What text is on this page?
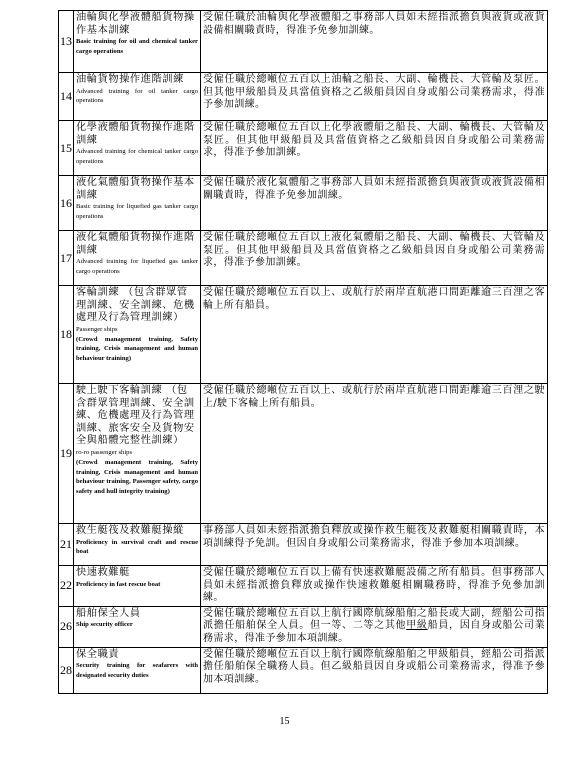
13	油輪與化學液體船貨物操作基本訓練
Basic training for oil and chemical tanker cargo operations	受僱任職於油輪與化學液體船之事務部人員如未經指派擔負與液貨或液貨設備相關職責時，得准予免參加訓練。
14	油輪貨物操作進階訓練
Advanced training for oil tanker cargo operations	受僱任職於總噸位五百以上油輪之船長、大副、輪機長、大管輪及泵匠。但其他甲級船員及具當值資格之乙級船員因自身或船公司業務需求，得准予參加訓練。
15	化學液體船貨物操作進階訓練
Advanced training for chemical tanker cargo operations	受僱任職於總噸位五百以上化學液體船之船長、大副、輪機長、大管輪及泵匠。但其他甲級船員及具當值資格之乙級船員因自身或船公司業務需求，得准予參加訓練。
16	液化氣體船貨物操作基本訓練
Basic training for liquefied gas tanker cargo operations	受僱任職於液化氣體船之事務部人員如未經指派擔負與液貨或液貨設備相關職責時，得准予免參加訓練。
17	液化氣體船貨物操作進階訓練
Advanced training for liquefied gas tanker cargo operations	受僱任職於總噸位五百以上液化氣體船之船長、大副、輪機長、大管輪及泵匠。但其他甲級船員及具當值資格之乙級船員因自身或船公司業務需求，得准予參加訓練。
18	客輪訓練 （包含群眾管理訓練、安全訓練、危機處理及行為管理訓練）
Passenger ships
(Crowd management training, Safety training, Crisis management and human behaviour training)	受僱任職於總噸位五百以上、或航行於兩岸直航港口間距離逾三百浬之客輪上所有船員。
19	駛上駛下客輪訓練 （包含群眾管理訓練、安全訓練、危機處理及行為管理訓練、旅客安全及貨物安全與船體完整性訓練）
ro-ro passenger ships
(Crowd management training, Safety training, Crisis management and human behaviour training, Passenger safety, cargo safety and hull integrity training)	受僱任職於總噸位五百以上、或航行於兩岸直航港口間距離逾三百浬之駛上/駛下客輪上所有船員。
21	救生艇筏及救難艇操縱
Proficiency in survival craft and rescue boat	事務部人員如未經指派擔負釋放或操作救生艇筏及救難艇相關職責時，本項訓練得予免訓。但因自身或船公司業務需求，得准予參加本項訓練。
22	快速救難艇
Proficiency in fast rescue boat	受僱任職於總噸位五百以上備有快速救難艇設備之所有船員。但事務部人員如未經指派擔負釋放或操作快速救難艇相關職務時，得准予免參加訓練。
26	船舶保全人員
Ship security officer	受僱任職於總噸位五百以上航行國際航線船舶之船長或大副，經船公司指派擔任船舶保全人員。但一等、二等之其他甲級船員，因自身或船公司業務需求，得准予參加本項訓練。
28	保全職責
Security training for seafarers with designated security duties	受僱任職於總噸位五百以上航行國際航線船舶之甲級船員，經船公司指派擔任船舶保全職務人員。但乙級船員因自身或船公司業務需求，得准予參加本項訓練。
15
